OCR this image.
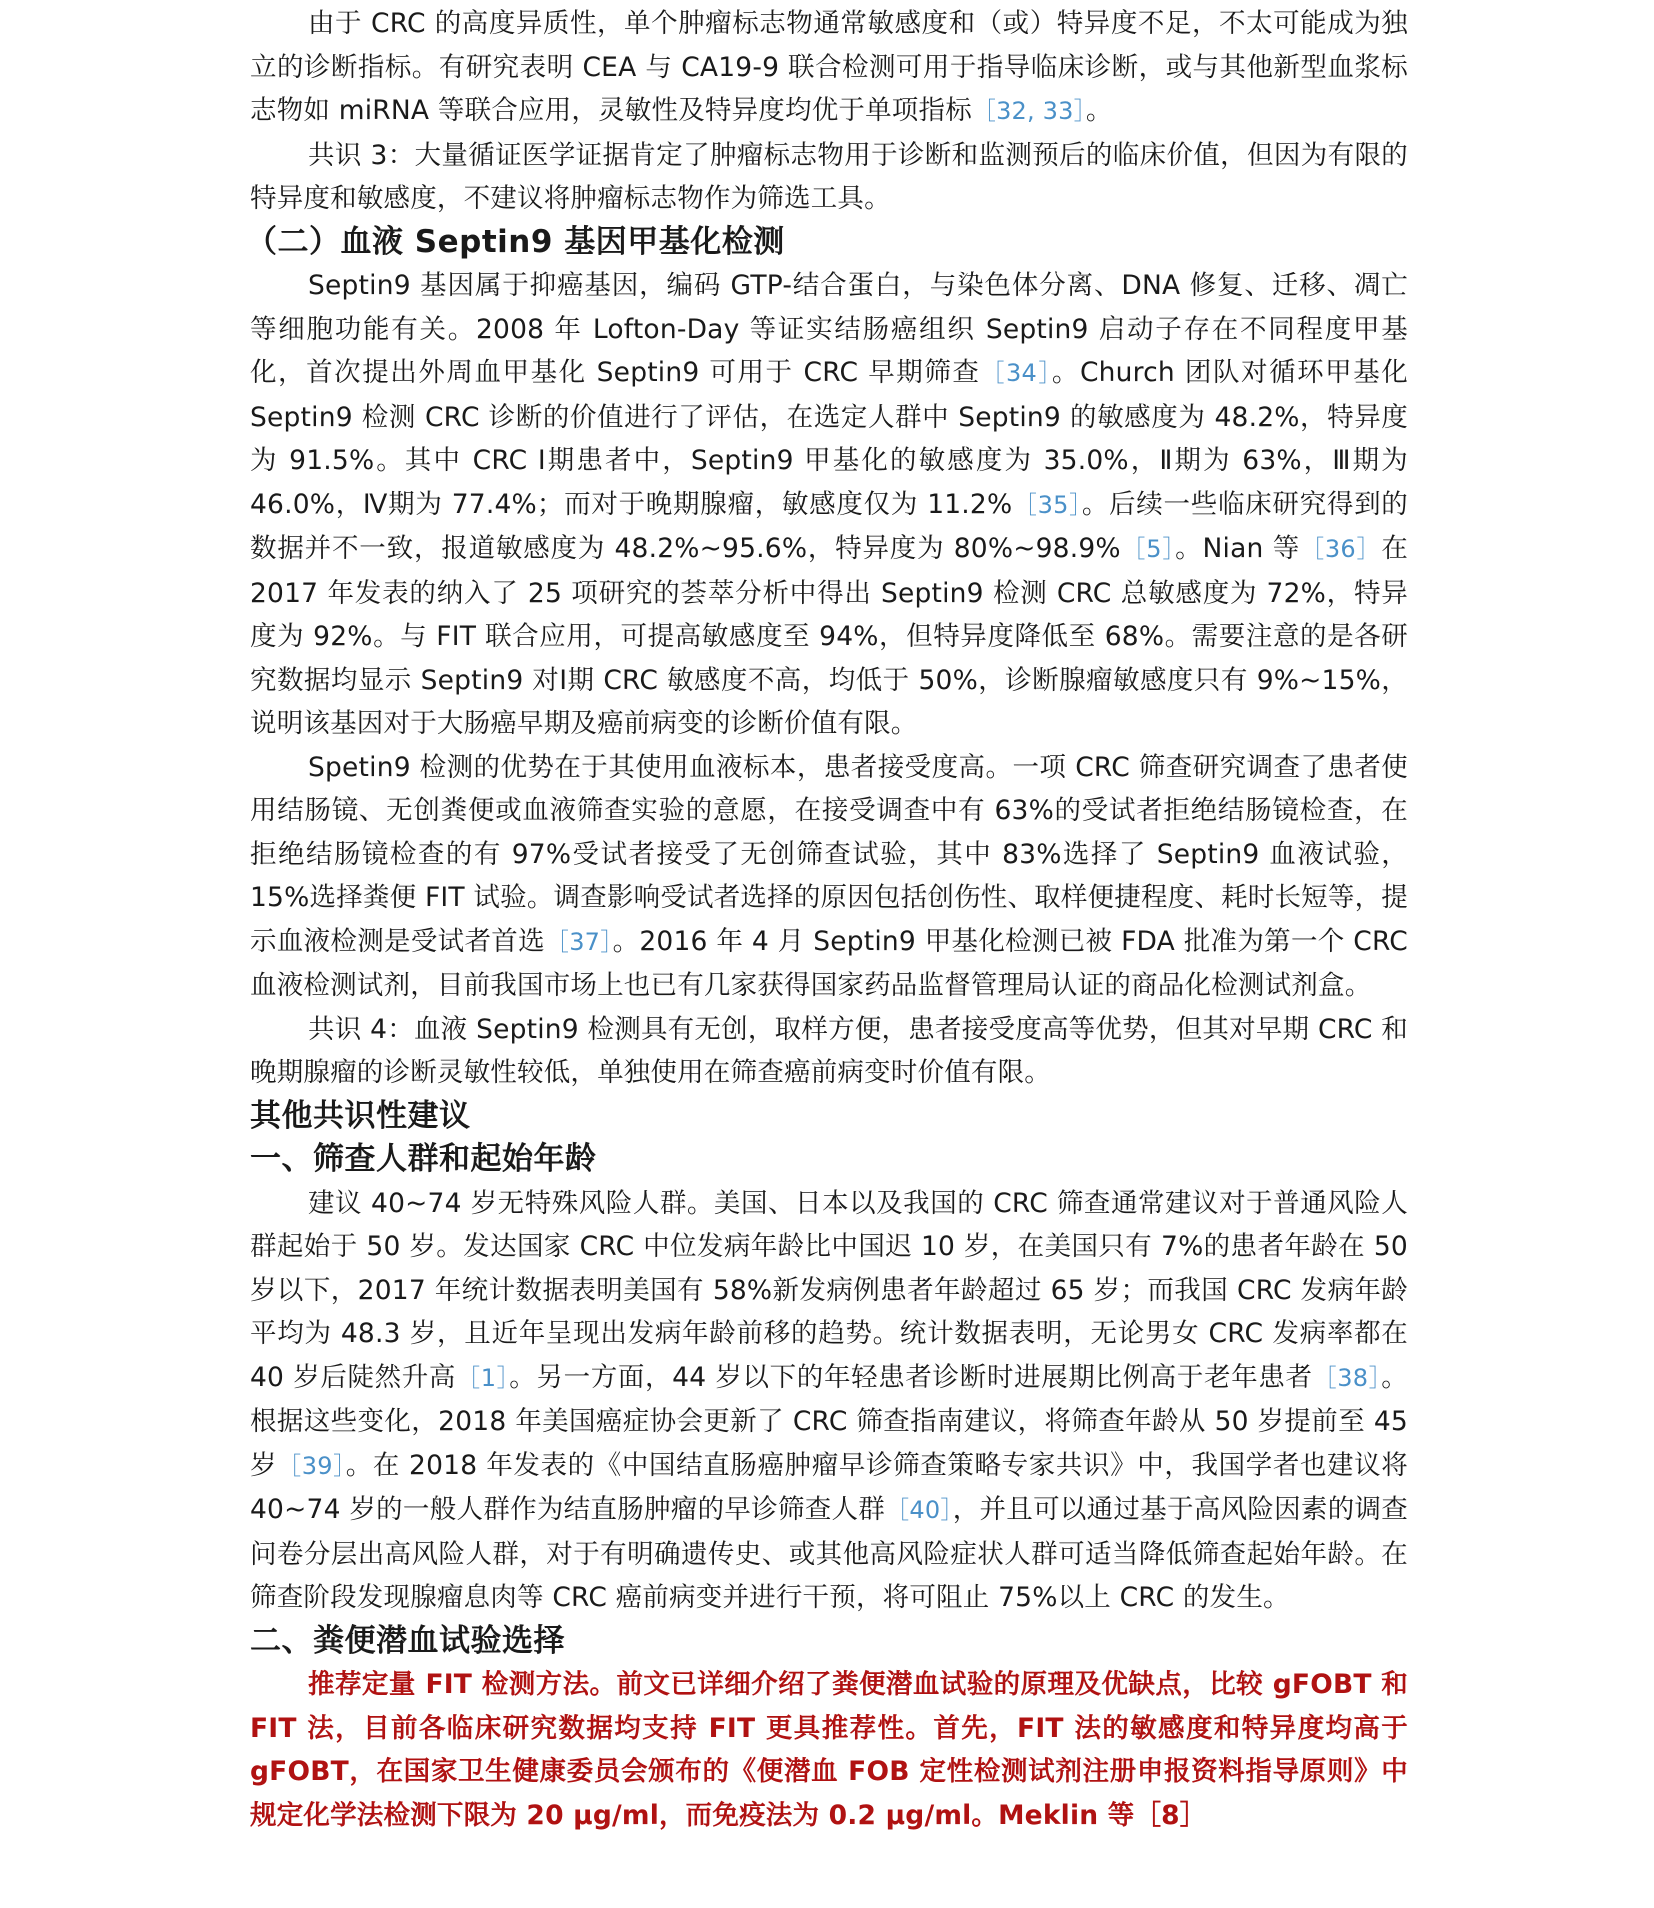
由于 CRC 的高度异质性，单个肿瘤标志物通常敏感度和（或）特异度不足，不太可能成为独立的诊断指标。有研究表明 CEA 与 CA19-9 联合检测可用于指导临床诊断，或与其他新型血浆标志物如 miRNA 等联合应用，灵敏性及特异度均优于单项指标［32, 33］。

共识 3：大量循证医学证据肯定了肿瘤标志物用于诊断和监测预后的临床价值，但因为有限的特异度和敏感度，不建议将肿瘤标志物作为筛选工具。

（二）血液 Septin9 基因甲基化检测

Septin9 基因属于抑癌基因，编码 GTP-结合蛋白，与染色体分离、DNA 修复、迁移、凋亡等细胞功能有关。2008 年 Lofton-Day 等证实结肠癌组织 Septin9 启动子存在不同程度甲基化，首次提出外周血甲基化 Septin9 可用于 CRC 早期筛查［34］。Church 团队对循环甲基化 Septin9 检测 CRC 诊断的价值进行了评估，在选定人群中 Septin9 的敏感度为 48.2%，特异度为 91.5%。其中 CRC Ⅰ期患者中，Septin9 甲基化的敏感度为 35.0%，Ⅱ期为 63%，Ⅲ期为 46.0%，Ⅳ期为 77.4%；而对于晚期腺瘤，敏感度仅为 11.2%［35］。后续一些临床研究得到的数据并不一致，报道敏感度为 48.2%~95.6%，特异度为 80%~98.9%［5］。Nian 等［36］在 2017 年发表的纳入了 25 项研究的荟萃分析中得出 Septin9 检测 CRC 总敏感度为 72%，特异度为 92%。与 FIT 联合应用，可提高敏感度至 94%，但特异度降低至 68%。需要注意的是各研究数据均显示 Septin9 对Ⅰ期 CRC 敏感度不高，均低于 50%，诊断腺瘤敏感度只有 9%~15%，说明该基因对于大肠癌早期及癌前病变的诊断价值有限。

Spetin9 检测的优势在于其使用血液标本，患者接受度高。一项 CRC 筛查研究调查了患者使用结肠镜、无创粪便或血液筛查实验的意愿，在接受调查中有 63%的受试者拒绝结肠镜检查，在拒绝结肠镜检查的有 97%受试者接受了无创筛查试验，其中 83%选择了 Septin9 血液试验，15%选择粪便 FIT 试验。调查影响受试者选择的原因包括创伤性、取样便捷程度、耗时长短等，提示血液检测是受试者首选［37］。2016 年 4 月 Septin9 甲基化检测已被 FDA 批准为第一个 CRC 血液检测试剂，目前我国市场上也已有几家获得国家药品监督管理局认证的商品化检测试剂盒。

共识 4：血液 Septin9 检测具有无创，取样方便，患者接受度高等优势，但其对早期 CRC 和晚期腺瘤的诊断灵敏性较低，单独使用在筛查癌前病变时价值有限。

其他共识性建议
一、筛查人群和起始年龄

建议 40~74 岁无特殊风险人群。美国、日本以及我国的 CRC 筛查通常建议对于普通风险人群起始于 50 岁。发达国家 CRC 中位发病年龄比中国迟 10 岁，在美国只有 7%的患者年龄在 50 岁以下，2017 年统计数据表明美国有 58%新发病例患者年龄超过 65 岁；而我国 CRC 发病年龄平均为 48.3 岁，且近年呈现出发病年龄前移的趋势。统计数据表明，无论男女 CRC 发病率都在 40 岁后陡然升高［1］。另一方面，44 岁以下的年轻患者诊断时进展期比例高于老年患者［38］。根据这些变化，2018 年美国癌症协会更新了 CRC 筛查指南建议，将筛查年龄从 50 岁提前至 45 岁［39］。在 2018 年发表的《中国结直肠癌肿瘤早诊筛查策略专家共识》中，我国学者也建议将 40~74 岁的一般人群作为结直肠肿瘤的早诊筛查人群［40］，并且可以通过基于高风险因素的调查问卷分层出高风险人群，对于有明确遗传史、或其他高风险症状人群可适当降低筛查起始年龄。在筛查阶段发现腺瘤息肉等 CRC 癌前病变并进行干预，将可阻止 75%以上 CRC 的发生。

二、粪便潜血试验选择

推荐定量 FIT 检测方法。前文已详细介绍了粪便潜血试验的原理及优缺点，比较 gFOBT 和 FIT 法，目前各临床研究数据均支持 FIT 更具推荐性。首先，FIT 法的敏感度和特异度均高于 gFOBT，在国家卫生健康委员会颁布的《便潜血 FOB 定性检测试剂注册申报资料指导原则》中规定化学法检测下限为 20 μg/ml，而免疫法为 0.2 μg/ml。Meklin 等［8］
